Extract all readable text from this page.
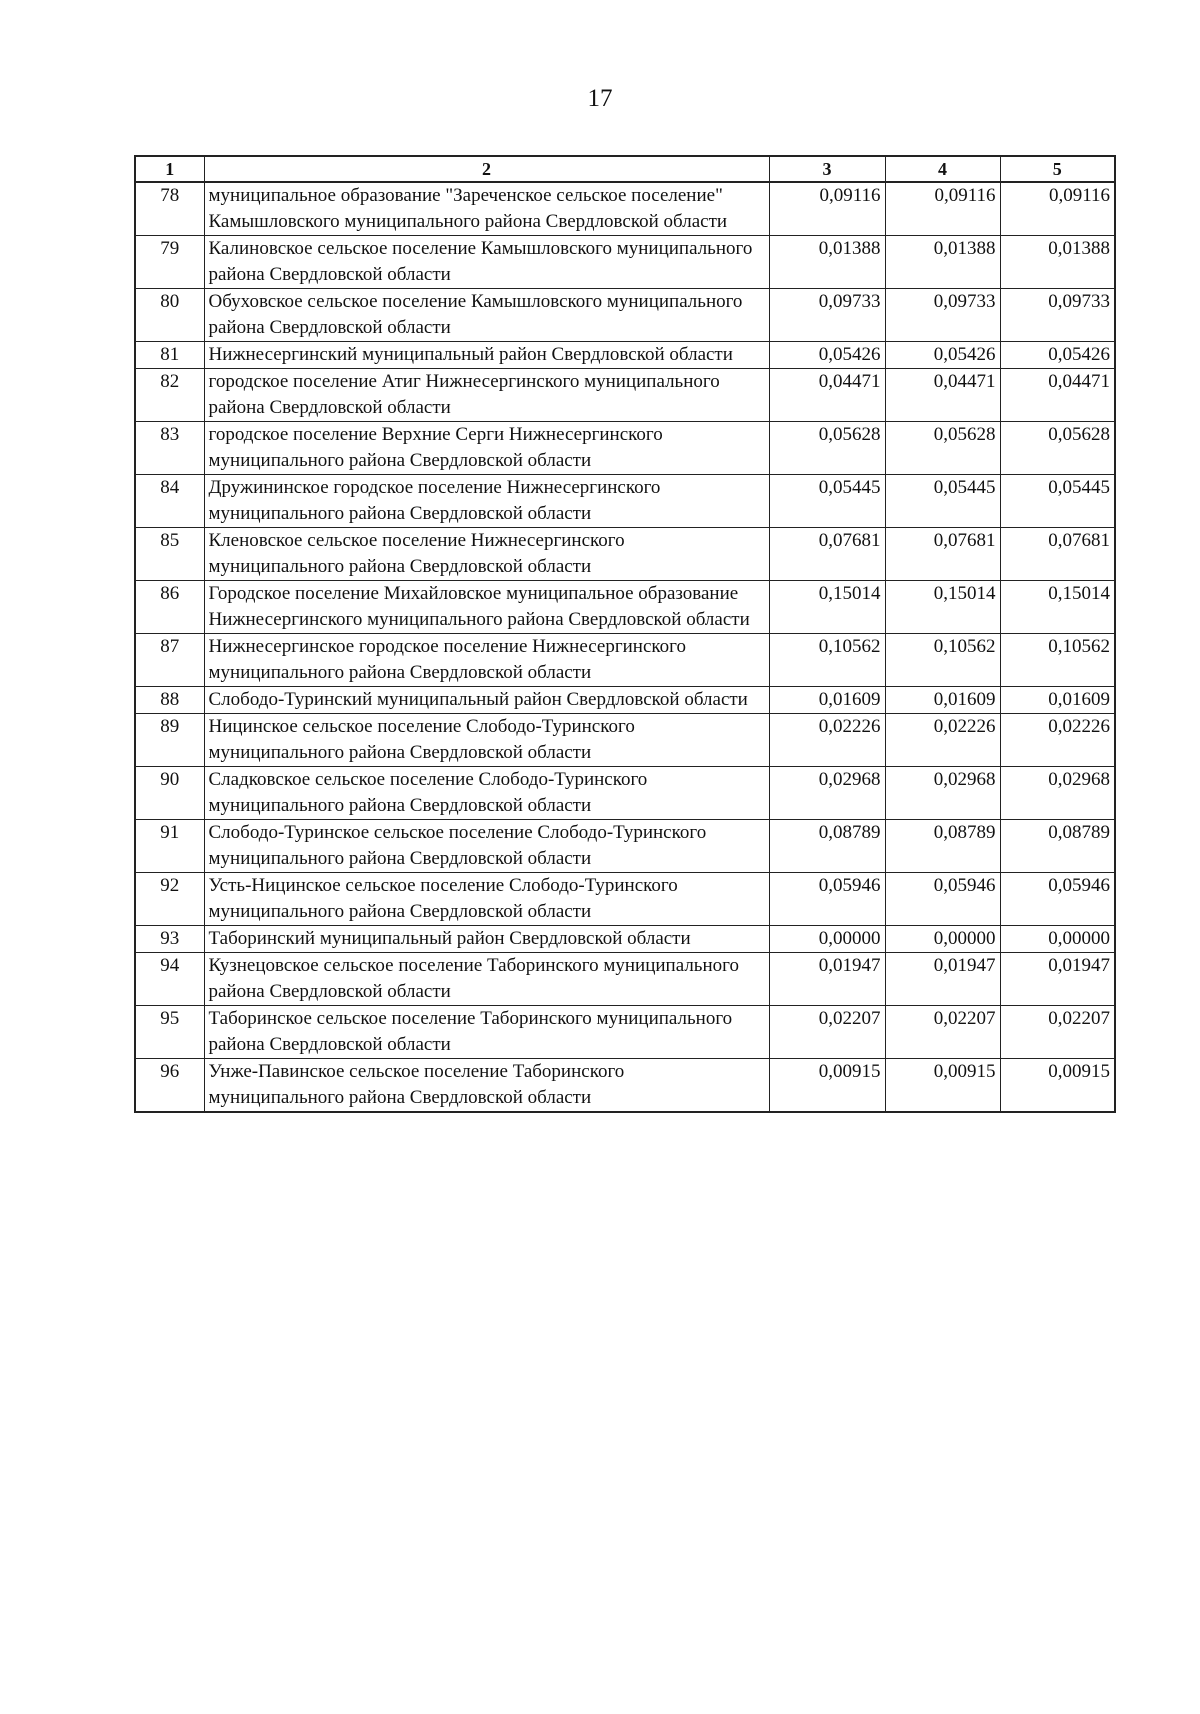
17
1	2	3	4	5
78	муниципальное образование "Зареченское сельское поселение" Камышловского муниципального района Свердловской области	0,09116	0,09116	0,09116
79	Калиновское сельское поселение Камышловского муниципального района Свердловской области	0,01388	0,01388	0,01388
80	Обуховское сельское поселение Камышловского муниципального района Свердловской области	0,09733	0,09733	0,09733
81	Нижнесергинский муниципальный район Свердловской области	0,05426	0,05426	0,05426
82	городское поселение Атиг Нижнесергинского муниципального района Свердловской области	0,04471	0,04471	0,04471
83	городское поселение Верхние Серги Нижнесергинского муниципального района Свердловской области	0,05628	0,05628	0,05628
84	Дружининское городское поселение Нижнесергинского муниципального района Свердловской области	0,05445	0,05445	0,05445
85	Кленовское сельское поселение Нижнесергинского муниципального района Свердловской области	0,07681	0,07681	0,07681
86	Городское поселение Михайловское муниципальное образование Нижнесергинского муниципального района Свердловской области	0,15014	0,15014	0,15014
87	Нижнесергинское городское поселение Нижнесергинского муниципального района Свердловской области	0,10562	0,10562	0,10562
88	Слободо-Туринский муниципальный район Свердловской области	0,01609	0,01609	0,01609
89	Ницинское сельское поселение Слободо-Туринского муниципального района Свердловской области	0,02226	0,02226	0,02226
90	Сладковское сельское поселение Слободо-Туринского муниципального района Свердловской области	0,02968	0,02968	0,02968
91	Слободо-Туринское сельское поселение Слободо-Туринского муниципального района Свердловской области	0,08789	0,08789	0,08789
92	Усть-Ницинское сельское поселение Слободо-Туринского муниципального района Свердловской области	0,05946	0,05946	0,05946
93	Таборинский муниципальный район Свердловской области	0,00000	0,00000	0,00000
94	Кузнецовское сельское поселение Таборинского муниципального района Свердловской области	0,01947	0,01947	0,01947
95	Таборинское сельское поселение Таборинского муниципального района Свердловской области	0,02207	0,02207	0,02207
96	Унже-Павинское сельское поселение Таборинского муниципального района Свердловской области	0,00915	0,00915	0,00915
